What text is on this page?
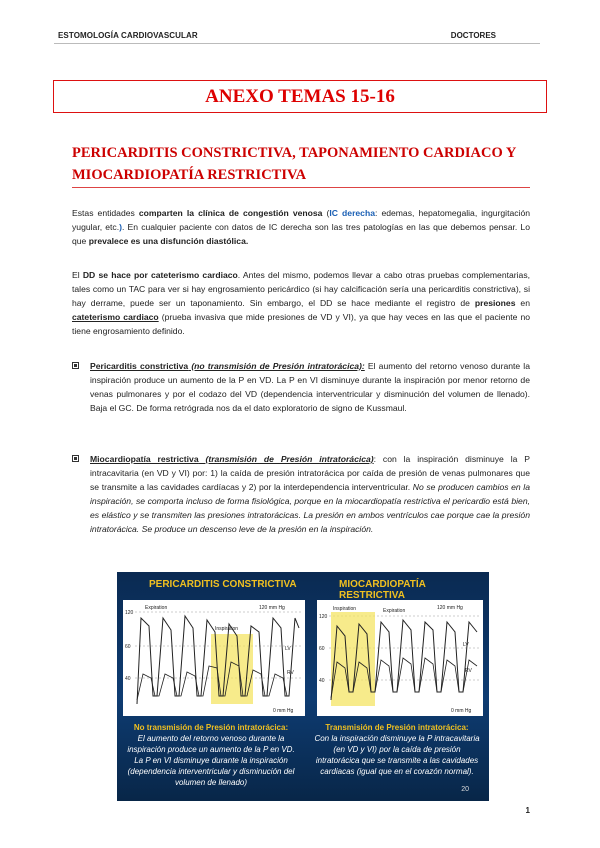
ESTOMOLOGÍA CARDIOVASCULAR	DOCTORES
ANEXO TEMAS 15-16
PERICARDITIS CONSTRICTIVA, TAPONAMIENTO CARDIACO Y MIOCARDIOPATÍA RESTRICTIVA
Estas entidades comparten la clínica de congestión venosa (IC derecha: edemas, hepatomegalia, ingurgitación yugular, etc.). En cualquier paciente con datos de IC derecha son las tres patologías en las que debemos pensar. Lo que prevalece es una disfunción diastólica.
El DD se hace por cateterismo cardiaco. Antes del mismo, podemos llevar a cabo otras pruebas complementarias, tales como un TAC para ver si hay engrosamiento pericárdico (si hay calcificación sería una pericarditis constrictiva), si hay derrame, puede ser un taponamiento. Sin embargo, el DD se hace mediante el registro de presiones en cateterismo cardiaco (prueba invasiva que mide presiones de VD y VI), ya que hay veces en las que el paciente no tiene engrosamiento definido.
Pericarditis constrictiva (no transmisión de Presión intratorácica): El aumento del retorno venoso durante la inspiración produce un aumento de la P en VD. La P en VI disminuye durante la inspiración por menor retorno de venas pulmonares y por el codazo del VD (dependencia interventricular y disminución del volumen de llenado). Baja el GC. De forma retrógrada nos da el dato exploratorio de signo de Kussmaul.
Miocardiopatía restrictiva (transmisión de Presión intratorácica): con la inspiración disminuye la P intracavitaria (en VD y VI) por: 1) la caída de presión intratorácica por caída de presión de venas pulmonares que se transmite a las cavidades cardíacas y 2) por la interdependencia interventricular. No se producen cambios en la inspiración, se comporta incluso de forma fisiológica, porque en la miocardiopatía restrictiva el pericardio está bien, es elástico y se transmiten las presiones intratorácicas. La presión en ambos ventrículos cae porque cae la presión intratorácica. Se produce un descenso leve de la presión en la inspiración.
PERICARDITIS CONSTRICTIVA	MIOCARDIOPATÍA RESTRICTIVA
120
60
40
Expiration
Inspiration
120 mm Hg
LV
RV
0 mm Hg
120
60
40
Inspiration	Expiration	120 mm Hg
LV
RV
0 mm Hg
No transmisión de Presión intratorácica:
El aumento del retorno venoso durante la inspiración produce un aumento de la P en VD. La P en VI disminuye durante la inspiración (dependencia interventricular y disminución del volumen de llenado)
Transmisión de Presión intratorácica:
Con la inspiración disminuye la P intracavitaria (en VD y VI) por la caída de presión intratorácica que se transmite a las cavidades cardiacas (igual que en el corazón normal).
20
1
